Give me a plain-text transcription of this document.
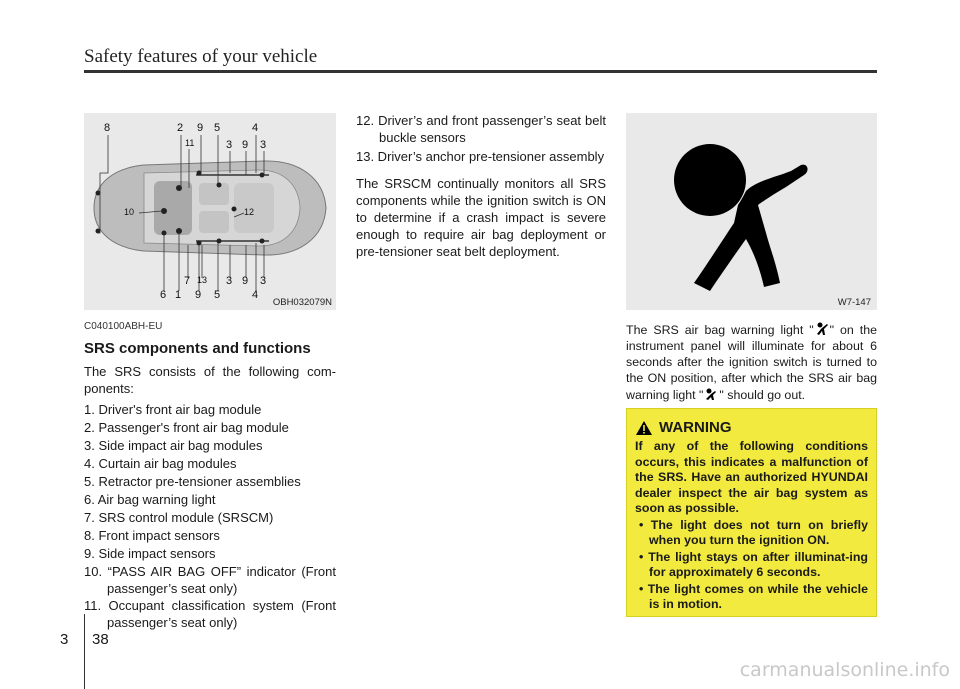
Safety features of your vehicle
8	2 9 5	4
11	3 9 3
10	12
7 13 3 9 3
6 1 9 5	4
OBH032079N	W7-147
C040100ABH-EU
SRS components and functions
The SRS consists of the following com-ponents:
1. Driver's front air bag module
2. Passenger's front air bag module
3. Side impact air bag modules
4. Curtain air bag modules
5. Retractor pre-tensioner assemblies
6. Air bag warning light
7. SRS control module (SRSCM)
8. Front impact sensors
9. Side impact sensors
10. “PASS AIR BAG OFF” indicator (Front passenger’s seat only)
11. Occupant classification system (Front passenger’s seat only)
12. Driver’s and front passenger’s seat belt buckle sensors
13. Driver’s anchor pre-tensioner assembly
The SRSCM continually monitors all SRS components while the ignition switch is ON to determine if a crash impact is severe enough to require air bag deployment or pre-tensioner seat belt deployment.
The SRS air bag warning light " " on the instrument panel will illuminate for about 6 seconds after the ignition switch is turned to the ON position, after which the SRS air bag warning light " " should go out.
WARNING
If any of the following conditions occurs, this indicates a malfunction of the SRS. Have an authorized HYUNDAI dealer inspect the air bag system as soon as possible.
• The light does not turn on briefly when you turn the ignition ON.
• The light stays on after illuminat-ing for approximately 6 seconds.
• The light comes on while the vehicle is in motion.
3 38
carmanualsonline.info
